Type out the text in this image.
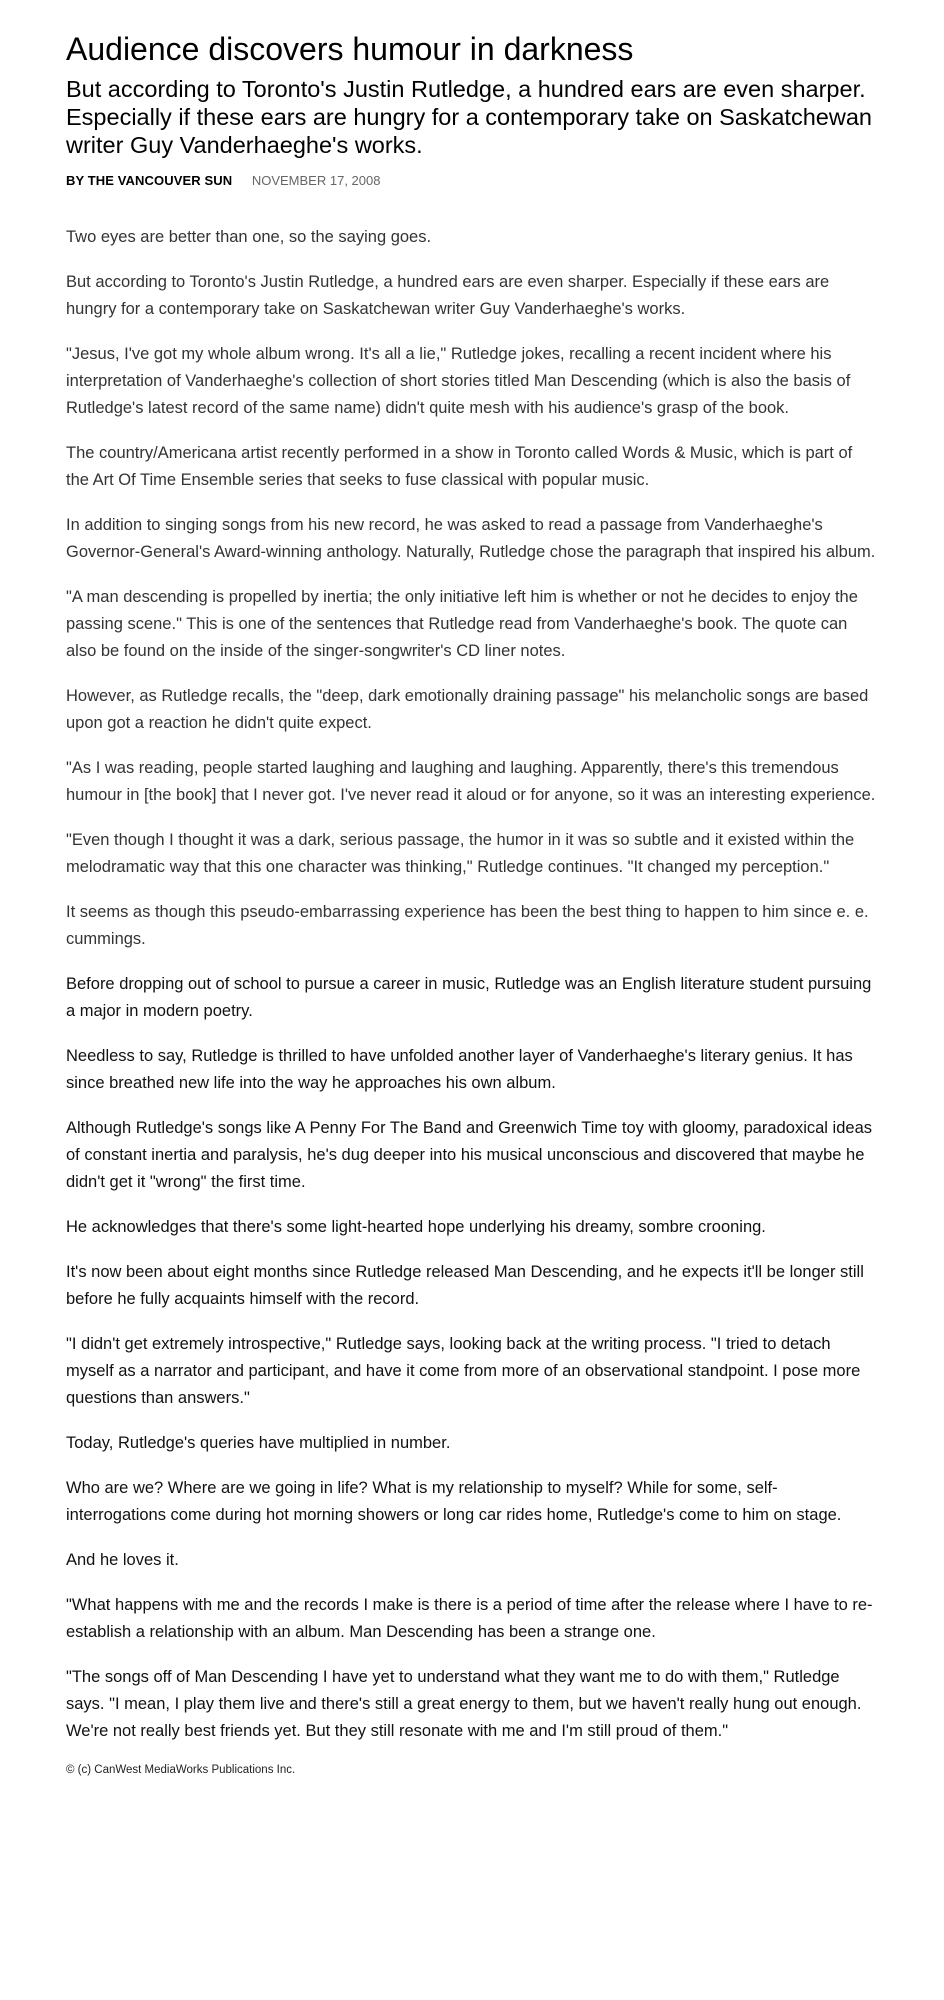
Audience discovers humour in darkness
But according to Toronto's Justin Rutledge, a hundred ears are even sharper. Especially if these ears are hungry for a contemporary take on Saskatchewan writer Guy Vanderhaeghe's works.
BY THE VANCOUVER SUN NOVEMBER 17, 2008

Two eyes are better than one, so the saying goes.

But according to Toronto's Justin Rutledge, a hundred ears are even sharper. Especially if these ears are hungry for a contemporary take on Saskatchewan writer Guy Vanderhaeghe's works.

"Jesus, I've got my whole album wrong. It's all a lie," Rutledge jokes, recalling a recent incident where his interpretation of Vanderhaeghe's collection of short stories titled Man Descending (which is also the basis of Rutledge's latest record of the same name) didn't quite mesh with his audience's grasp of the book.

The country/Americana artist recently performed in a show in Toronto called Words & Music, which is part of the Art Of Time Ensemble series that seeks to fuse classical with popular music.

In addition to singing songs from his new record, he was asked to read a passage from Vanderhaeghe's Governor-General's Award-winning anthology. Naturally, Rutledge chose the paragraph that inspired his album.

"A man descending is propelled by inertia; the only initiative left him is whether or not he decides to enjoy the passing scene." This is one of the sentences that Rutledge read from Vanderhaeghe's book. The quote can also be found on the inside of the singer-songwriter's CD liner notes.

However, as Rutledge recalls, the "deep, dark emotionally draining passage" his melancholic songs are based upon got a reaction he didn't quite expect.

"As I was reading, people started laughing and laughing and laughing. Apparently, there's this tremendous humour in [the book] that I never got. I've never read it aloud or for anyone, so it was an interesting experience.

"Even though I thought it was a dark, serious passage, the humor in it was so subtle and it existed within the melodramatic way that this one character was thinking," Rutledge continues. "It changed my perception."

It seems as though this pseudo-embarrassing experience has been the best thing to happen to him since e. e. cummings.

Before dropping out of school to pursue a career in music, Rutledge was an English literature student pursuing a major in modern poetry.

Needless to say, Rutledge is thrilled to have unfolded another layer of Vanderhaeghe's literary genius. It has since breathed new life into the way he approaches his own album.

Although Rutledge's songs like A Penny For The Band and Greenwich Time toy with gloomy, paradoxical ideas of constant inertia and paralysis, he's dug deeper into his musical unconscious and discovered that maybe he didn't get it "wrong" the first time.

He acknowledges that there's some light-hearted hope underlying his dreamy, sombre crooning.

It's now been about eight months since Rutledge released Man Descending, and he expects it'll be longer still before he fully acquaints himself with the record.

"I didn't get extremely introspective," Rutledge says, looking back at the writing process. "I tried to detach myself as a narrator and participant, and have it come from more of an observational standpoint. I pose more questions than answers."

Today, Rutledge's queries have multiplied in number.

Who are we? Where are we going in life? What is my relationship to myself? While for some, self-interrogations come during hot morning showers or long car rides home, Rutledge's come to him on stage.

And he loves it.

"What happens with me and the records I make is there is a period of time after the release where I have to re-establish a relationship with an album. Man Descending has been a strange one.

"The songs off of Man Descending I have yet to understand what they want me to do with them," Rutledge says. "I mean, I play them live and there's still a great energy to them, but we haven't really hung out enough. We're not really best friends yet. But they still resonate with me and I'm still proud of them."

© (c) CanWest MediaWorks Publications Inc.
